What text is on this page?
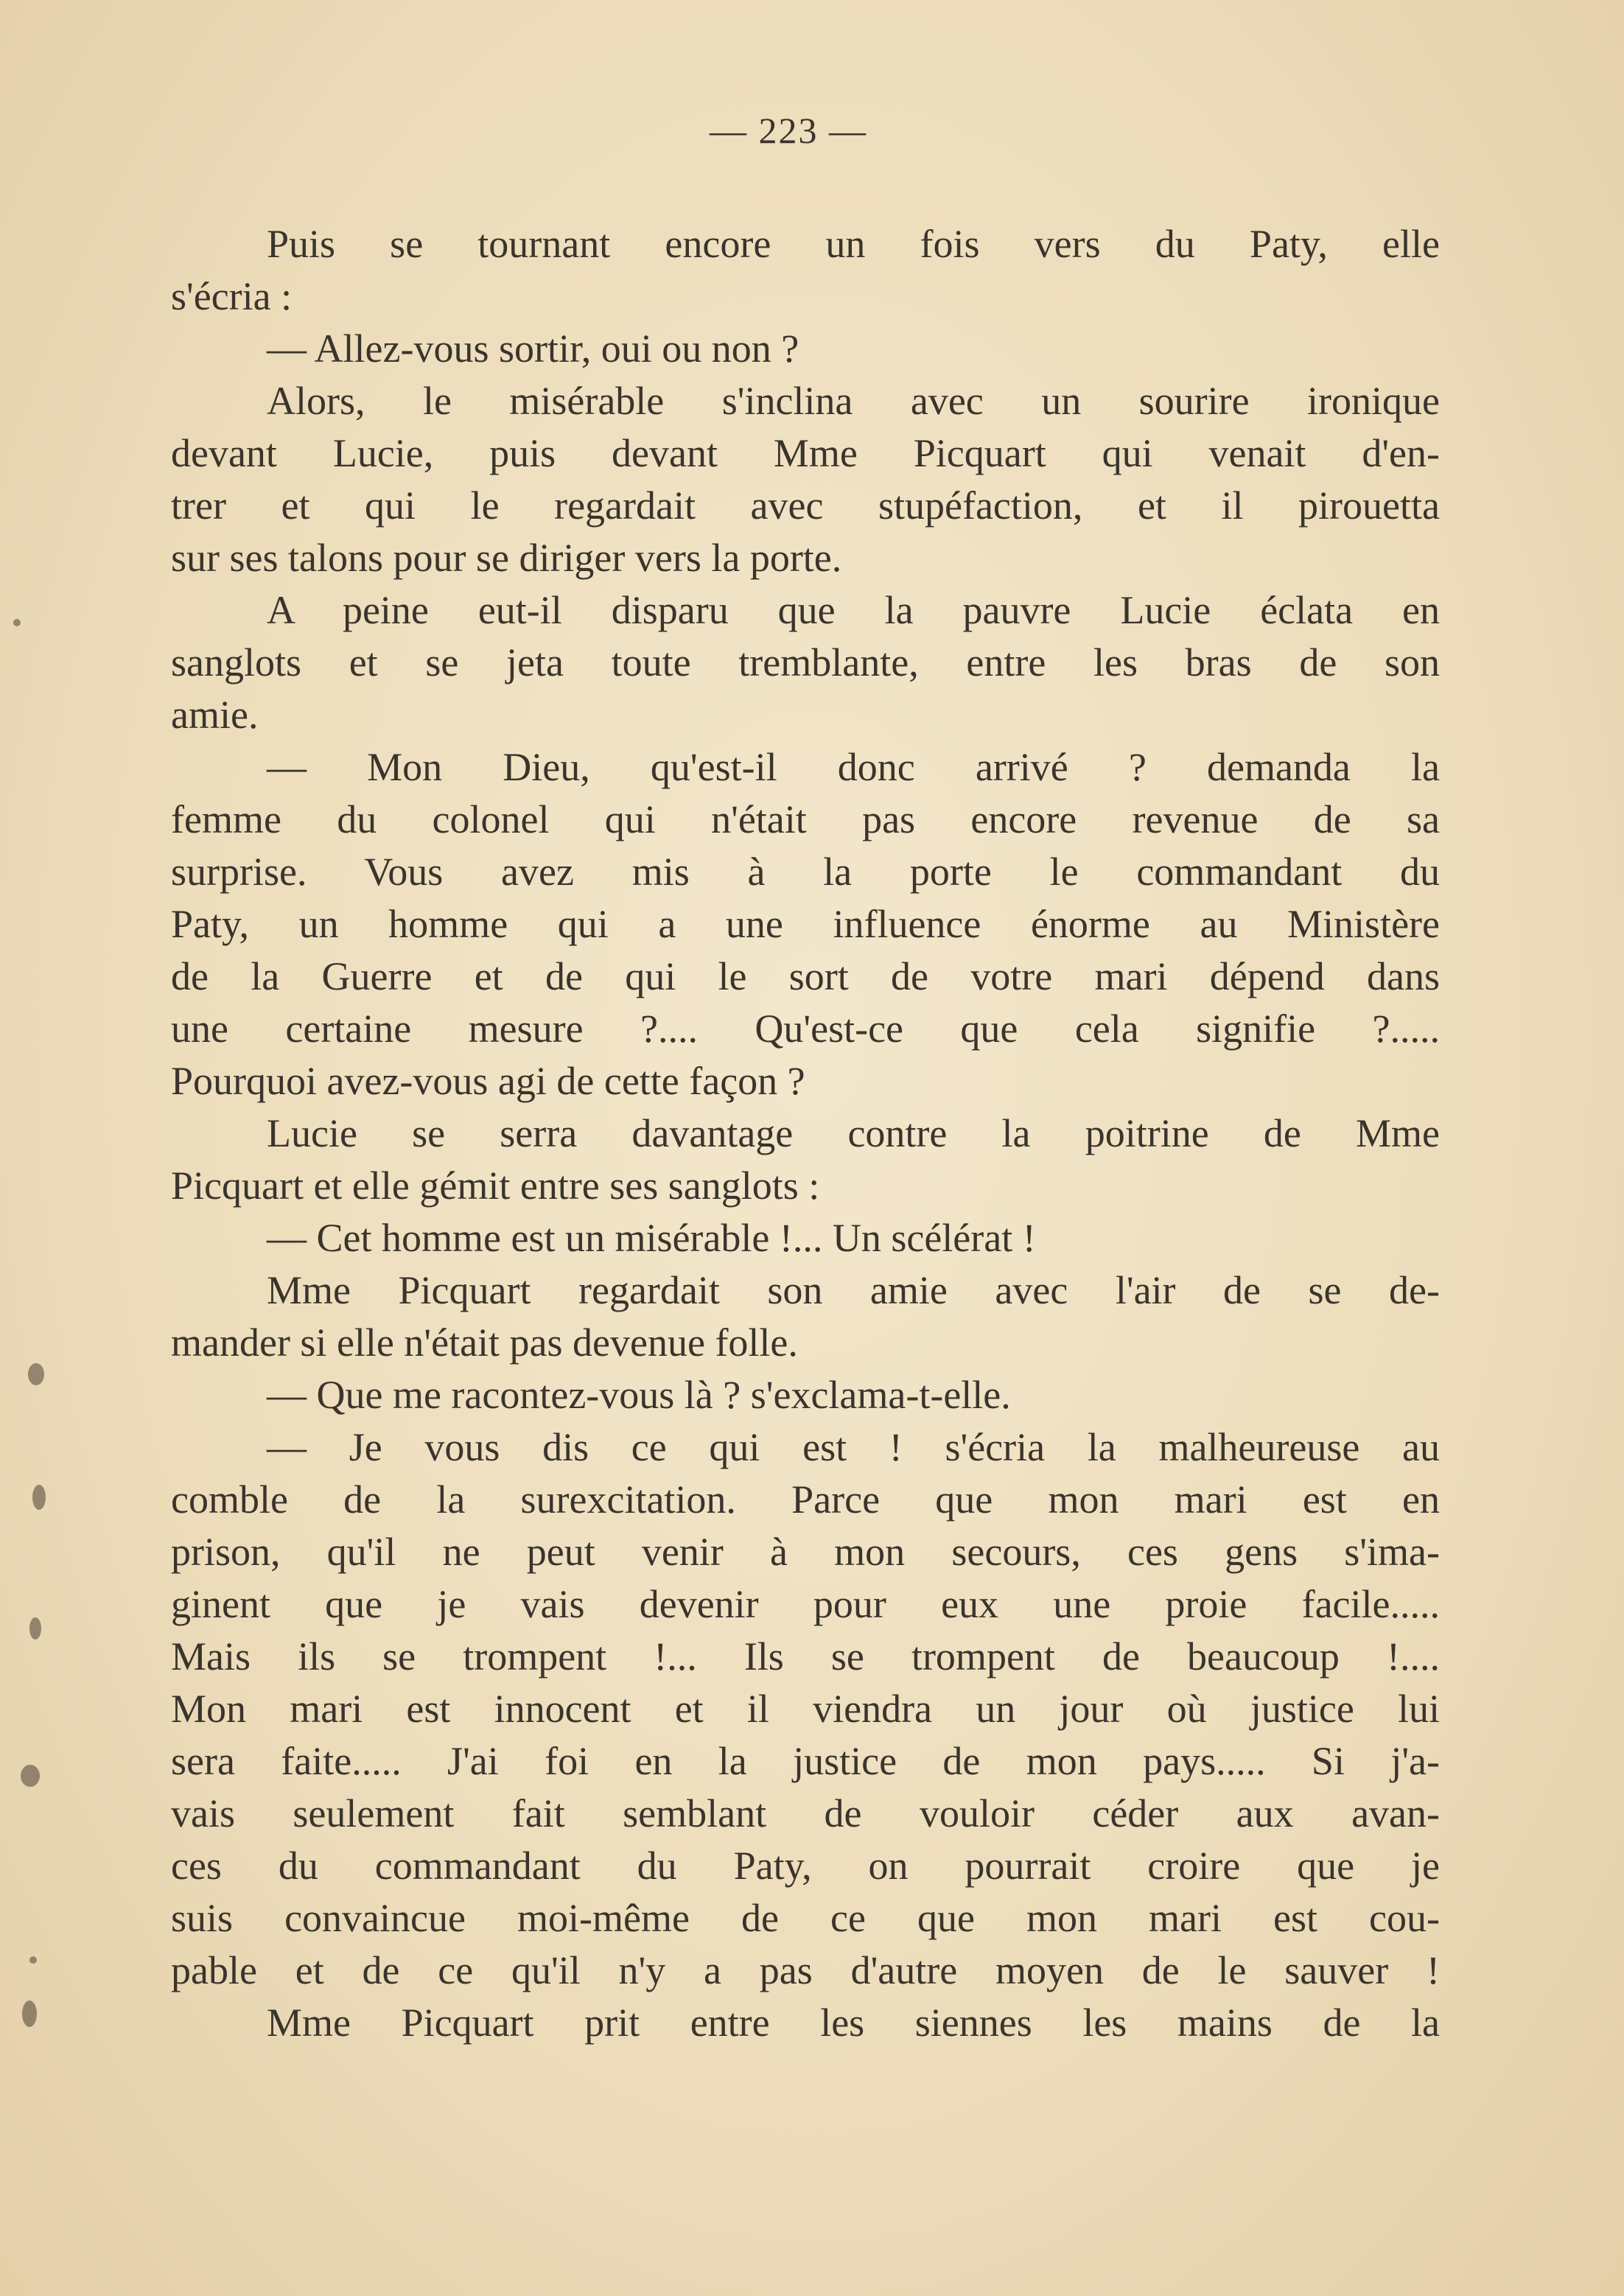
— 223 —
Puis se tournant encore un fois vers du Paty, elle
s'écria :
— Allez-vous sortir, oui ou non ?
Alors, le misérable s'inclina avec un sourire ironique
devant Lucie, puis devant Mme Picquart qui venait d'en-
trer et qui le regardait avec stupéfaction, et il pirouetta
sur ses talons pour se diriger vers la porte.
A peine eut-il disparu que la pauvre Lucie éclata en
sanglots et se jeta toute tremblante, entre les bras de son
amie.
— Mon Dieu, qu'est-il donc arrivé ? demanda la
femme du colonel qui n'était pas encore revenue de sa
surprise. Vous avez mis à la porte le commandant du
Paty, un homme qui a une influence énorme au Ministère
de la Guerre et de qui le sort de votre mari dépend dans
une certaine mesure ?.... Qu'est-ce que cela signifie ?.....
Pourquoi avez-vous agi de cette façon ?
Lucie se serra davantage contre la poitrine de Mme
Picquart et elle gémit entre ses sanglots :
— Cet homme est un misérable !... Un scélérat !
Mme Picquart regardait son amie avec l'air de se de-
mander si elle n'était pas devenue folle.
— Que me racontez-vous là ? s'exclama-t-elle.
— Je vous dis ce qui est ! s'écria la malheureuse au
comble de la surexcitation. Parce que mon mari est en
prison, qu'il ne peut venir à mon secours, ces gens s'ima-
ginent que je vais devenir pour eux une proie facile.....
Mais ils se trompent !... Ils se trompent de beaucoup !....
Mon mari est innocent et il viendra un jour où justice lui
sera faite..... J'ai foi en la justice de mon pays..... Si j'a-
vais seulement fait semblant de vouloir céder aux avan-
ces du commandant du Paty, on pourrait croire que je
suis convaincue moi-même de ce que mon mari est cou-
pable et de ce qu'il n'y a pas d'autre moyen de le sauver !
Mme Picquart prit entre les siennes les mains de la
